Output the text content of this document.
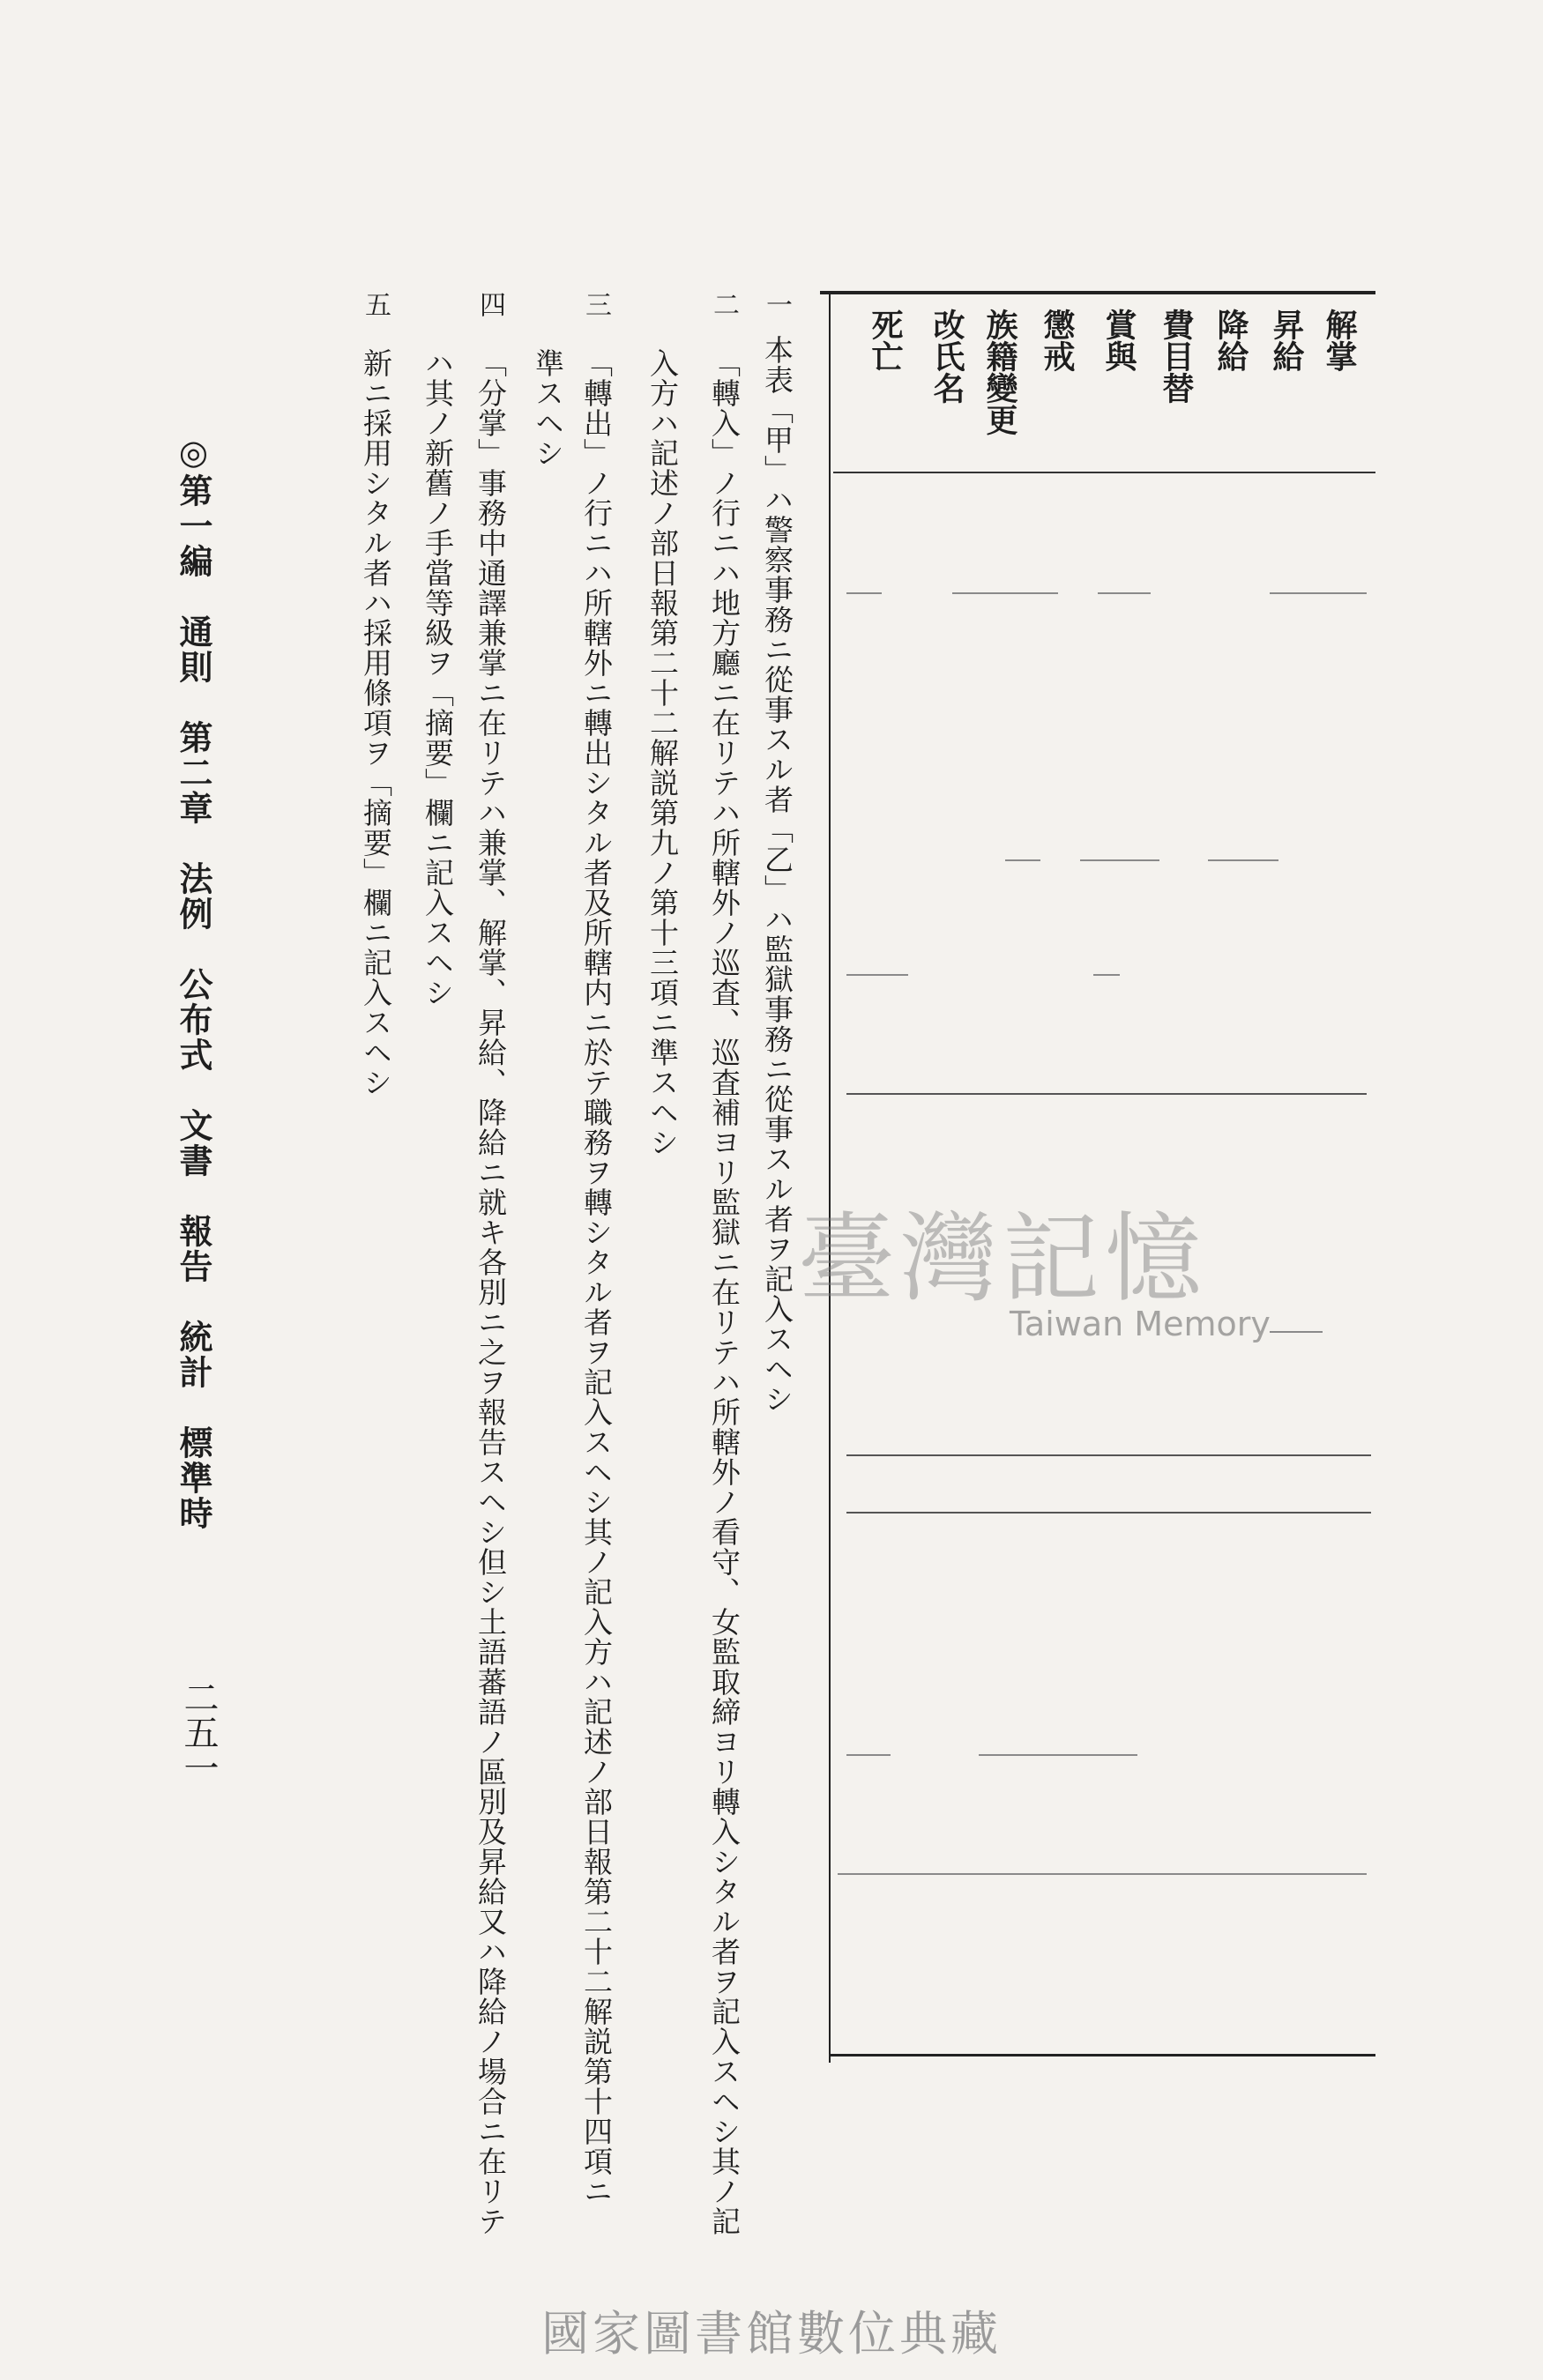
解掌
昇給
降給
費目替
賞與
懲戒
族籍變更
改氏名
死亡
一
本表「甲」ハ警察事務ニ從事スル者「乙」ハ監獄事務ニ從事スル者ヲ記入スヘシ
二
「轉入」ノ行ニハ地方廳ニ在リテハ所轄外ノ巡査、巡査補ヨリ監獄ニ在リテハ所轄外ノ看守、女監取締ヨリ轉入シタル者ヲ記入スヘシ其ノ記
入方ハ記述ノ部日報第二十二解説第九ノ第十三項ニ準スヘシ
三
「轉出」ノ行ニハ所轄外ニ轉出シタル者及所轄内ニ於テ職務ヲ轉シタル者ヲ記入スヘシ其ノ記入方ハ記述ノ部日報第二十二解説第十四項ニ
準スヘシ
四
「分掌」事務中通譯兼掌ニ在リテハ兼掌、解掌、昇給、降給ニ就キ各別ニ之ヲ報告スヘシ但シ土語蕃語ノ區別及昇給又ハ降給ノ場合ニ在リテ
ハ其ノ新舊ノ手當等級ヲ「摘要」欄ニ記入スヘシ
五
新ニ採用シタル者ハ採用條項ヲ「摘要」欄ニ記入スヘシ
◎第一編　通則　第二章　法例　公布式　文書　報告　統計　標準時
二五一
臺灣記憶
Taiwan Memory
國家圖書館數位典藏
